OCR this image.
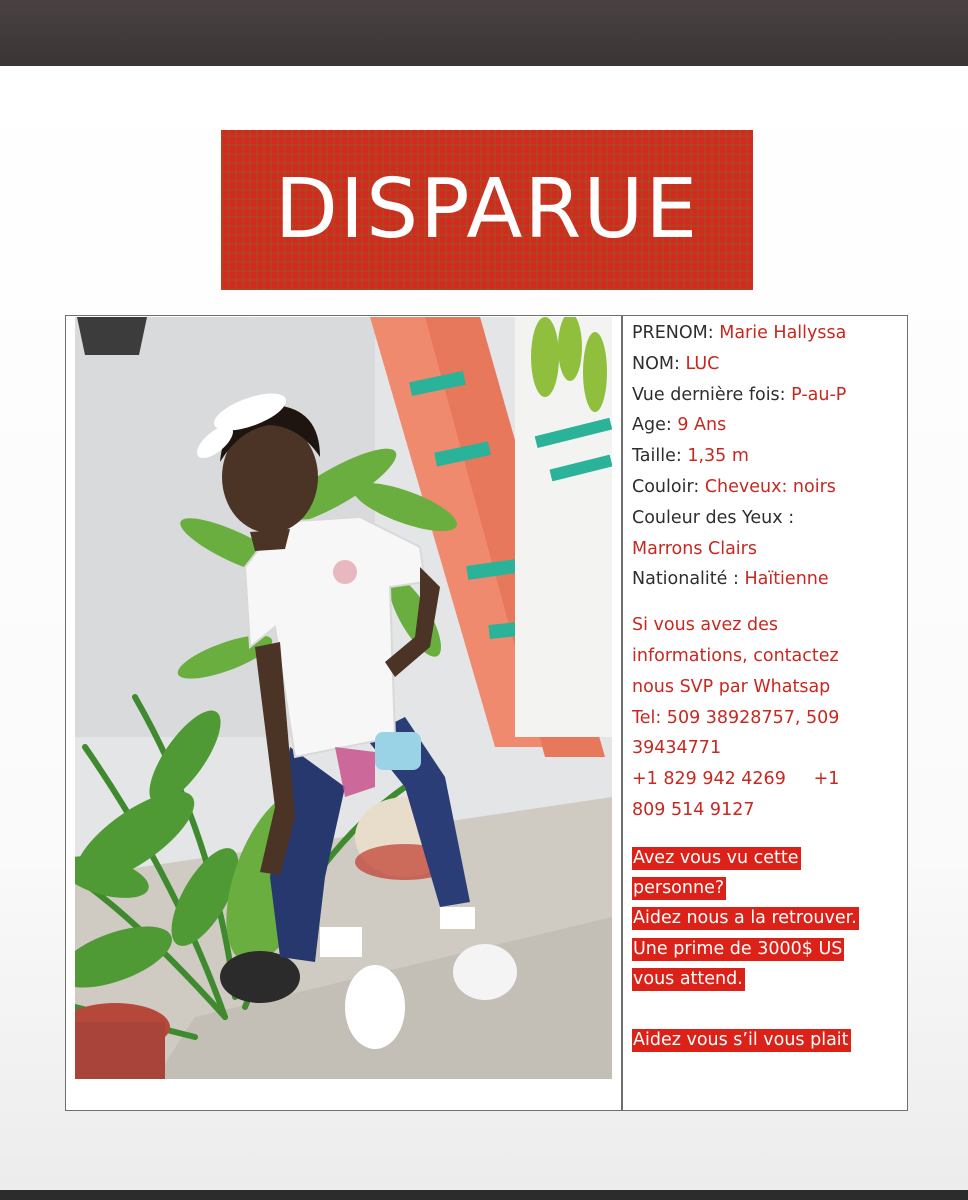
DISPARUE
PRENOM: Marie Hallyssa
NOM: LUC
Vue dernière fois: P-au-P
Age: 9 Ans
Taille: 1,35 m
Couloir: Cheveux: noirs
Couleur des Yeux :
Marrons Clairs
Nationalité : Haïtienne
Si vous avez des
informations, contactez
nous SVP par Whatsap
Tel: 509 38928757, 509
39434771
+1 829 942 4269     +1
809 514 9127
Avez vous vu cette
personne?
Aidez nous a la retrouver.
Une prime de 3000$ US
vous attend.
Aidez vous s’il vous plait
